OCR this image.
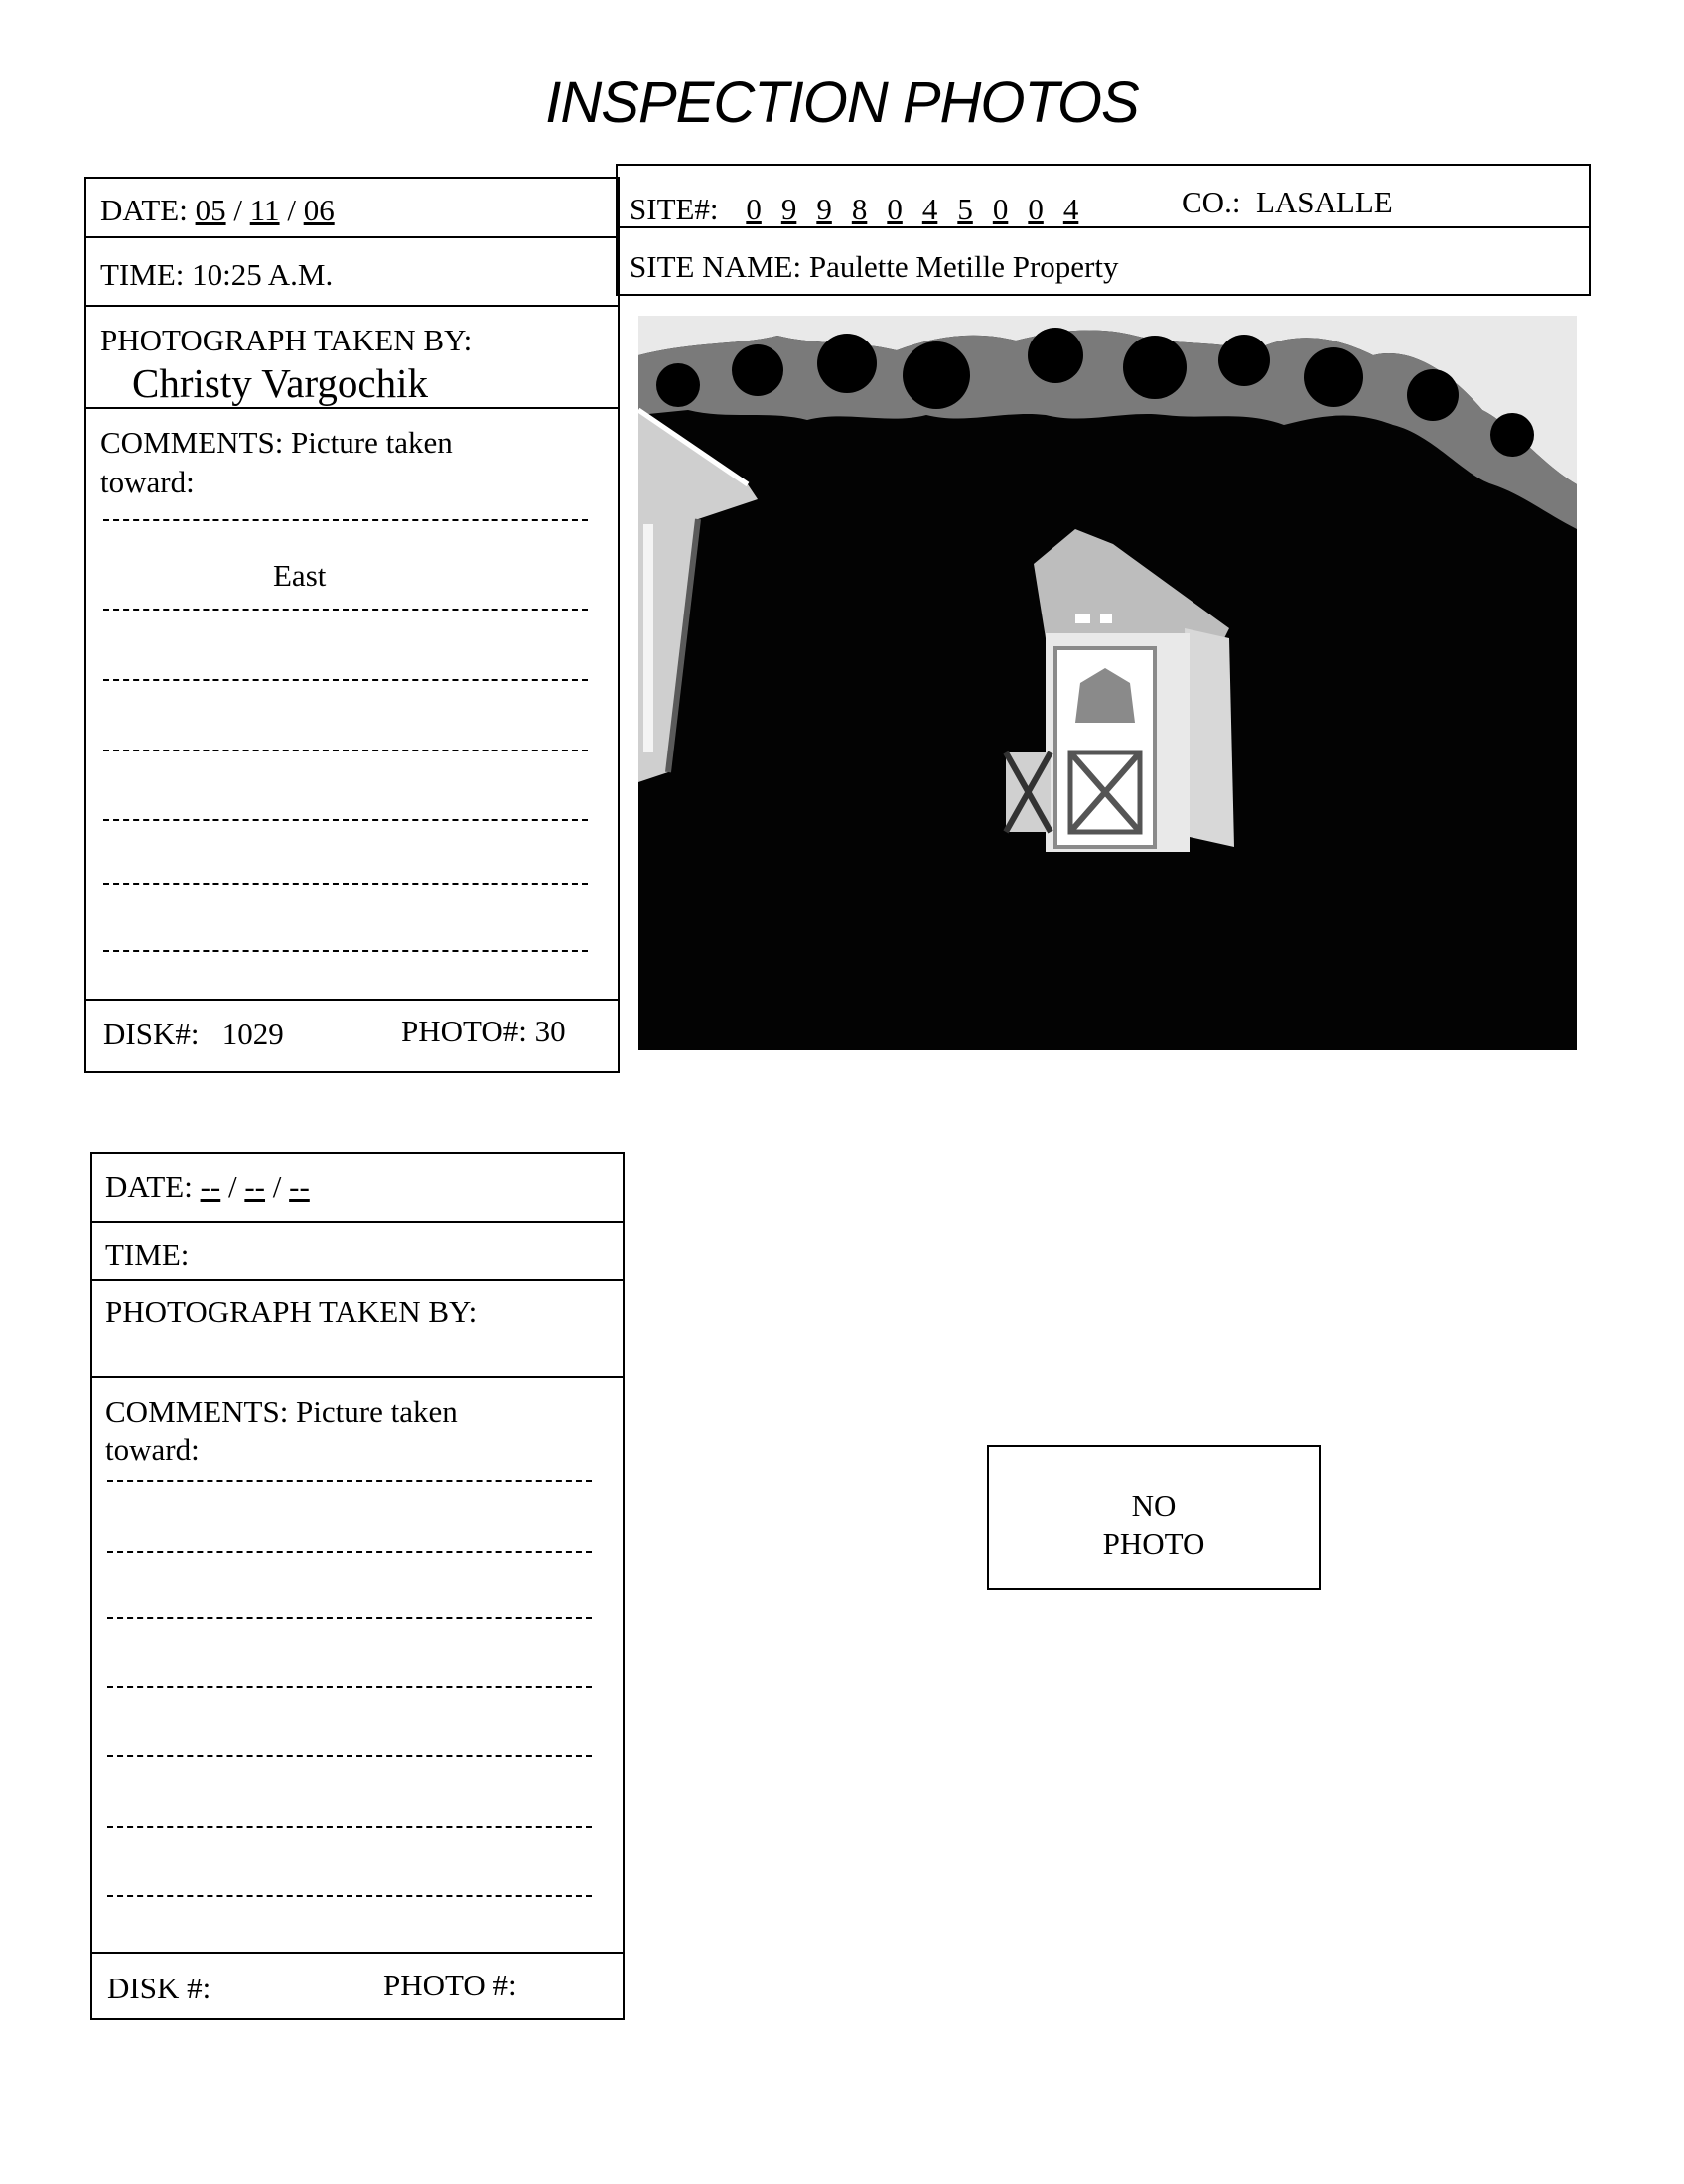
INSPECTION PHOTOS
DATE: 05 / 11 / 06
TIME: 10:25 A.M.
SITE#: 0 9 9 8 0 4 5 0 0 4	CO.: LASALLE
SITE NAME: Paulette Metille Property
PHOTOGRAPH TAKEN BY:
Christy Vargochik
COMMENTS: Picture taken
toward:
East
DISK#: 1029	PHOTO#: 30
DATE: -- / -- / --
TIME:
PHOTOGRAPH TAKEN BY:
COMMENTS: Picture taken
toward:
DISK #:	PHOTO #:
NO
PHOTO
